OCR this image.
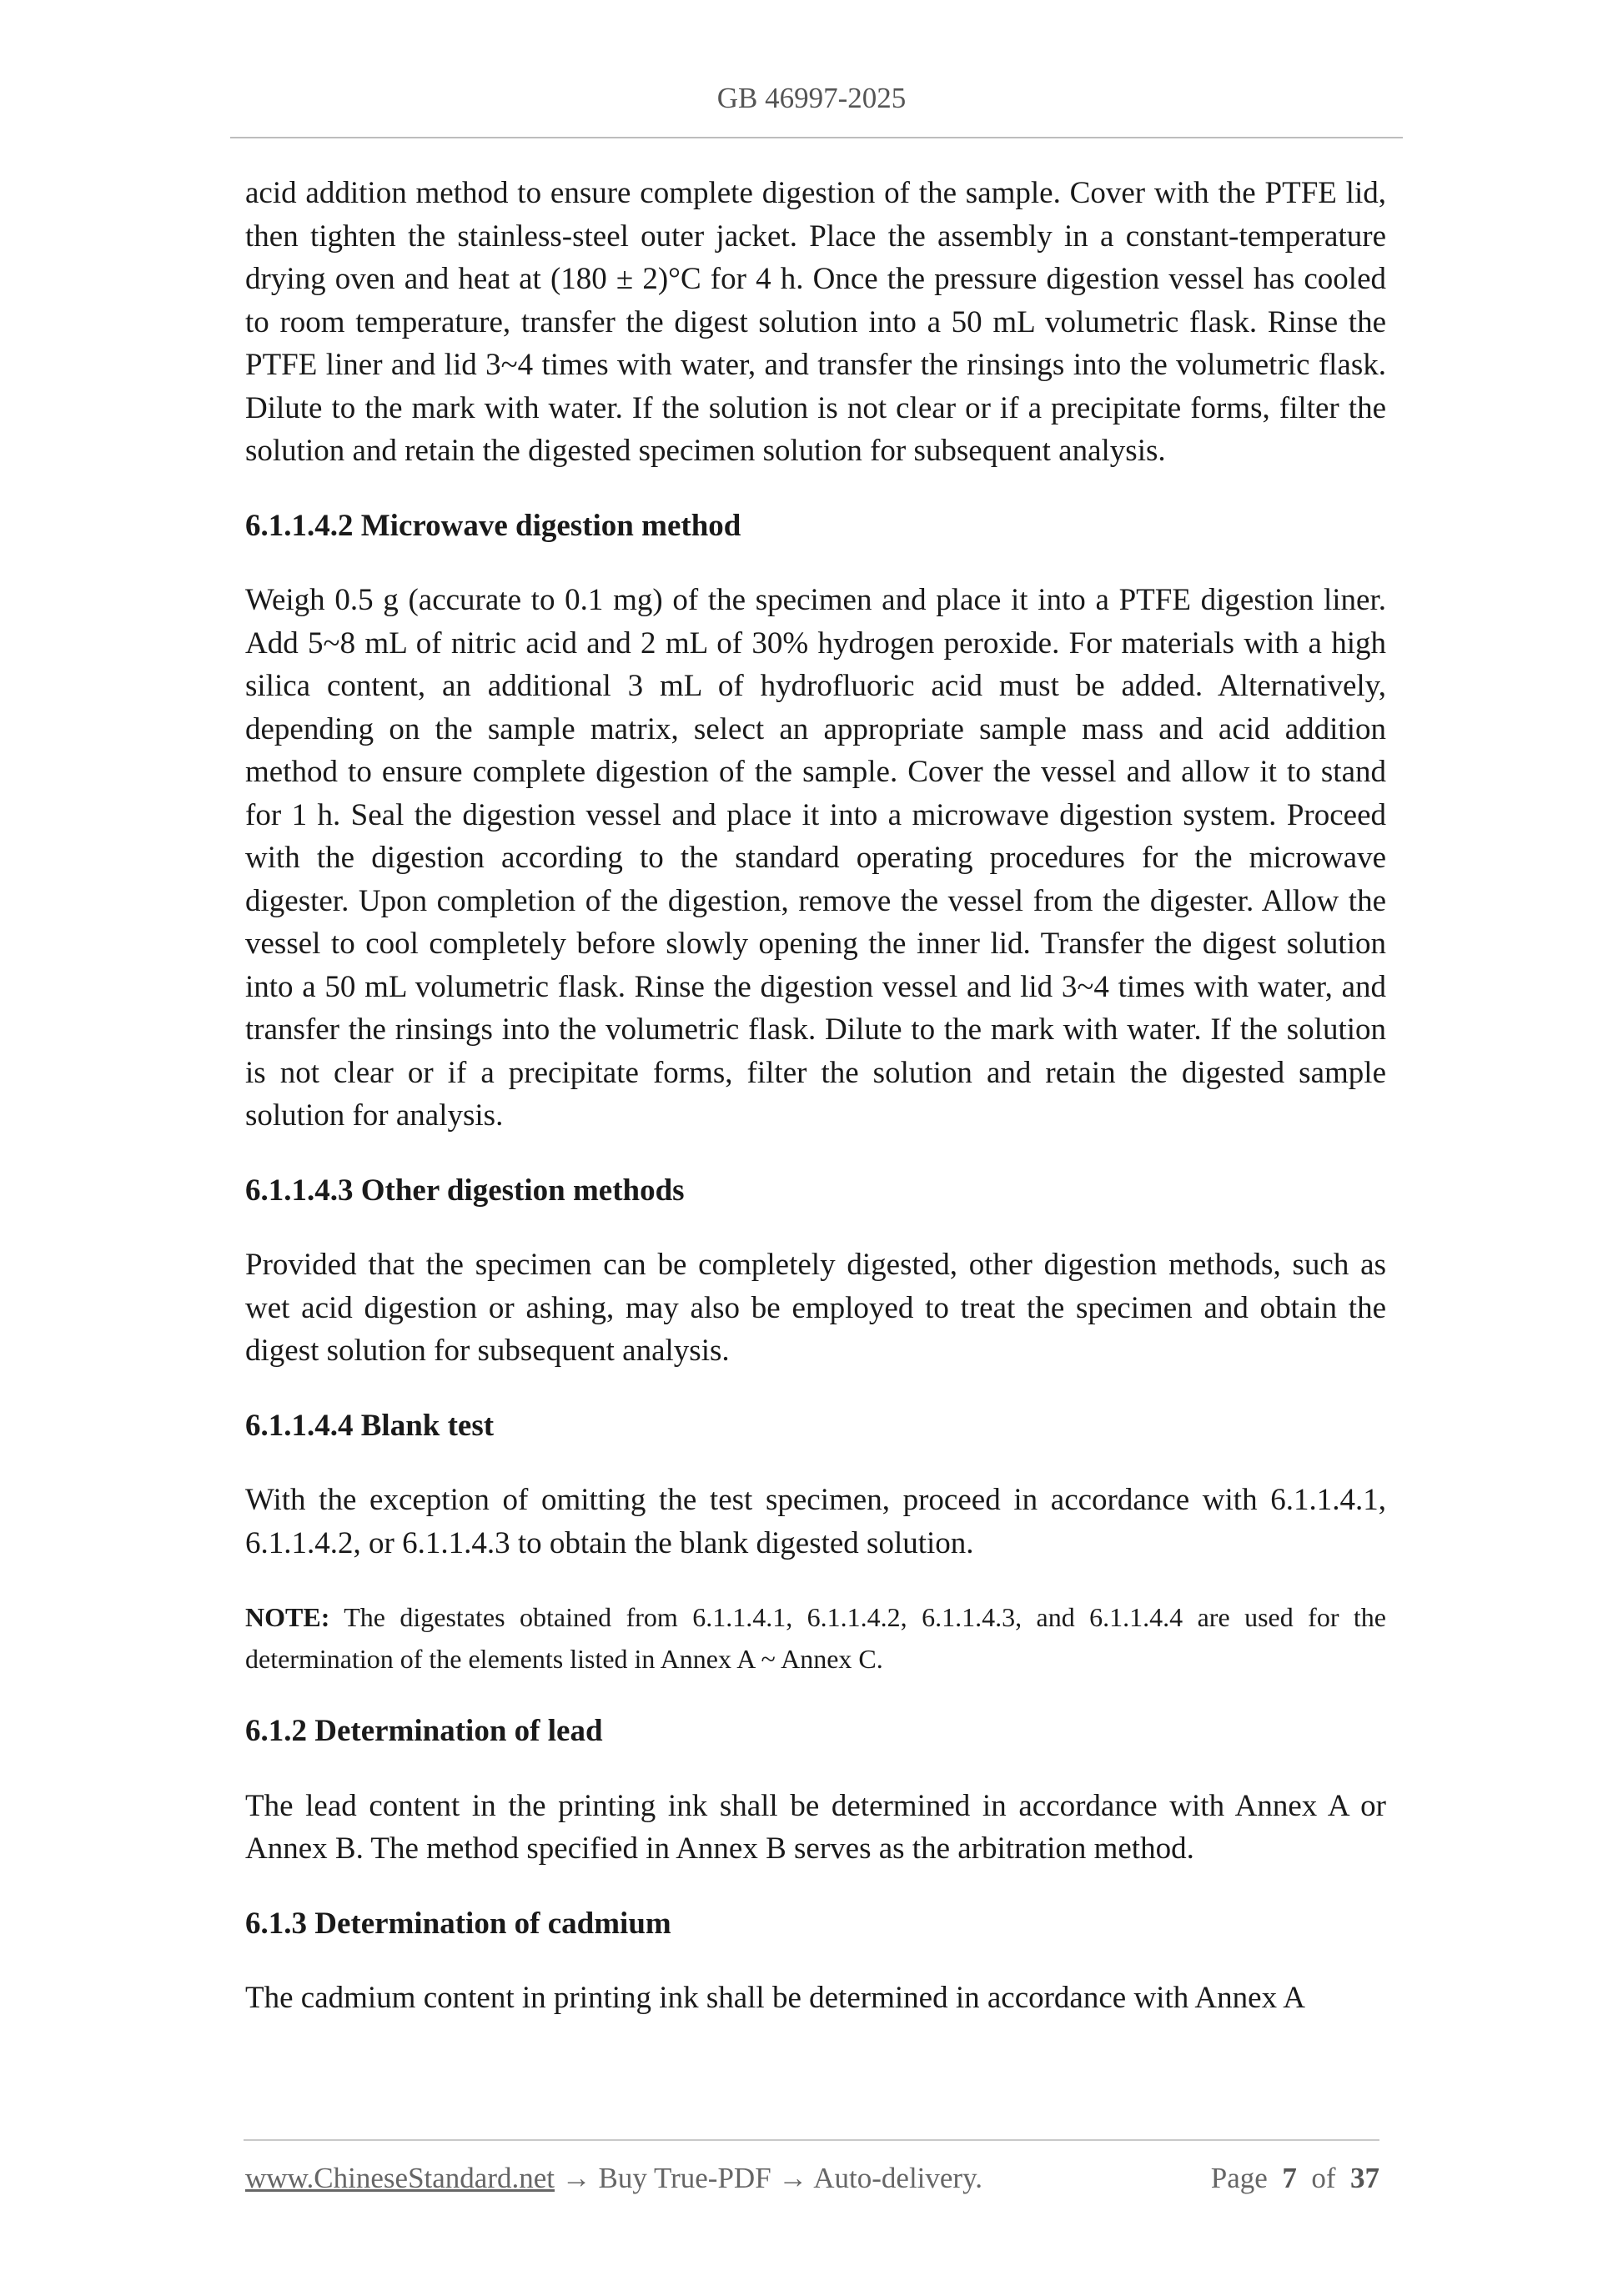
GB 46997-2025

acid addition method to ensure complete digestion of the sample. Cover with the PTFE lid, then tighten the stainless-steel outer jacket. Place the assembly in a constant-temperature drying oven and heat at (180 ± 2)°C for 4 h. Once the pressure digestion vessel has cooled to room temperature, transfer the digest solution into a 50 mL volumetric flask. Rinse the PTFE liner and lid 3~4 times with water, and transfer the rinsings into the volumetric flask. Dilute to the mark with water. If the solution is not clear or if a precipitate forms, filter the solution and retain the digested specimen solution for subsequent analysis.

6.1.1.4.2 Microwave digestion method

Weigh 0.5 g (accurate to 0.1 mg) of the specimen and place it into a PTFE digestion liner. Add 5~8 mL of nitric acid and 2 mL of 30% hydrogen peroxide. For materials with a high silica content, an additional 3 mL of hydrofluoric acid must be added. Alternatively, depending on the sample matrix, select an appropriate sample mass and acid addition method to ensure complete digestion of the sample. Cover the vessel and allow it to stand for 1 h. Seal the digestion vessel and place it into a microwave digestion system. Proceed with the digestion according to the standard operating procedures for the microwave digester. Upon completion of the digestion, remove the vessel from the digester. Allow the vessel to cool completely before slowly opening the inner lid. Transfer the digest solution into a 50 mL volumetric flask. Rinse the digestion vessel and lid 3~4 times with water, and transfer the rinsings into the volumetric flask. Dilute to the mark with water. If the solution is not clear or if a precipitate forms, filter the solution and retain the digested sample solution for analysis.

6.1.1.4.3 Other digestion methods

Provided that the specimen can be completely digested, other digestion methods, such as wet acid digestion or ashing, may also be employed to treat the specimen and obtain the digest solution for subsequent analysis.

6.1.1.4.4 Blank test

With the exception of omitting the test specimen, proceed in accordance with 6.1.1.4.1, 6.1.1.4.2, or 6.1.1.4.3 to obtain the blank digested solution.

NOTE: The digestates obtained from 6.1.1.4.1, 6.1.1.4.2, 6.1.1.4.3, and 6.1.1.4.4 are used for the determination of the elements listed in Annex A ~ Annex C.

6.1.2 Determination of lead

The lead content in the printing ink shall be determined in accordance with Annex A or Annex B. The method specified in Annex B serves as the arbitration method.

6.1.3 Determination of cadmium

The cadmium content in printing ink shall be determined in accordance with Annex A

www.ChineseStandard.net → Buy True-PDF → Auto-delivery.	Page 7 of 37
